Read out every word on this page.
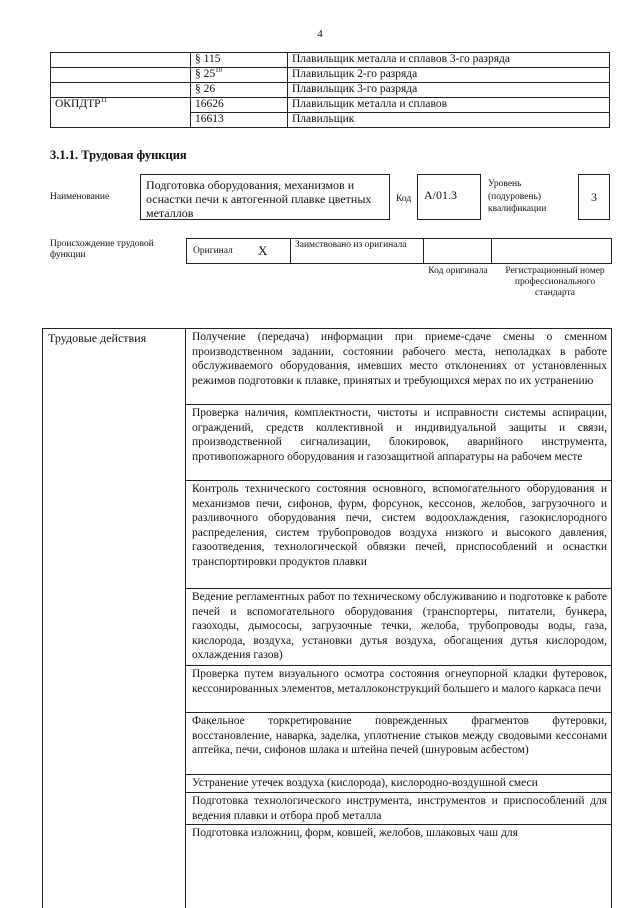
4
	§ 115	Плавильщик металла и сплавов 3-го разряда
	§ $25^{10}$	Плавильщик 2-го разряда
	§ 26	Плавильщик 3-го разряда
ОКПДТР$^{11}$	16626	Плавильщик металла и сплавов
	16613	Плавильщик
3.1.1. Трудовая функция
Наименование
Подготовка оборудования, механизмов и оснастки печи к автогенной плавке цветных металлов
Код	А/01.3
Уровень (подуровень) квалификации
3
Происхождение трудовой функции	Оригинал X	Заимствовано из оригинала
Код оригинала	Регистрационный номер профессионального стандарта
Трудовые действия	Получение (передача) информации при приеме-сдаче смены о сменном производственном задании, состоянии рабочего места, неполадках в работе обслуживаемого оборудования, имевших место отклонениях от установленных режимов подготовки к плавке, принятых и требующихся мерах по их устранению
Проверка наличия, комплектности, чистоты и исправности системы аспирации, ограждений, средств коллективной и индивидуальной защиты и связи, производственной сигнализации, блокировок, аварийного инструмента, противопожарного оборудования и газозащитной аппаратуры на рабочем месте
Контроль технического состояния основного, вспомогательного оборудования и механизмов печи, сифонов, фурм, форсунок, кессонов, желобов, загрузочного и разливочного оборудования печи, систем водоохлаждения, газокислородного распределения, систем трубопроводов воздуха низкого и высокого давления, газоотведения, технологической обвязки печей, приспособлений и оснастки транспортировки продуктов плавки
Ведение регламентных работ по техническому обслуживанию и подготовке к работе печей и вспомогательного оборудования (транспортеры, питатели, бункера, газоходы, дымососы, загрузочные течки, желоба, трубопроводы воды, газа, кислорода, воздуха, установки дутья воздуха, обогащения дутья кислородом, охлаждения газов)
Проверка путем визуального осмотра состояния огнеупорной кладки футеровок, кессонированных элементов, металлоконструкций большего и малого каркаса печи
Факельное торкретирование поврежденных фрагментов футеровки, восстановление, наварка, заделка, уплотнение стыков между сводовыми кессонами аптейка, печи, сифонов шлака и штейна печей (шнуровым асбестом)
Устранение утечек воздуха (кислорода), кислородно-воздушной смеси
Подготовка технологического инструмента, инструментов и приспособлений для ведения плавки и отбора проб металла
Подготовка изложниц, форм, ковшей, желобов, шлаковых чаш для
